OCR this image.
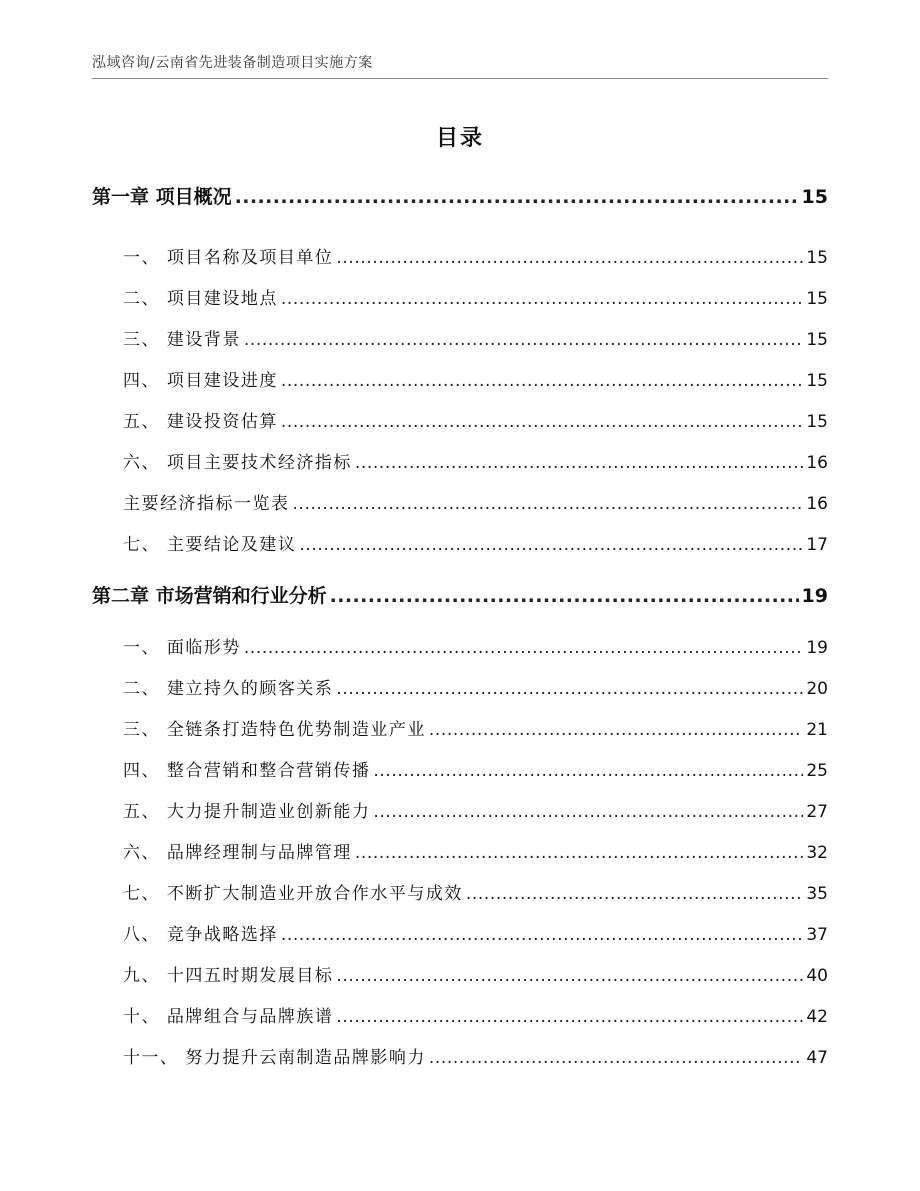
泓域咨询/云南省先进装备制造项目实施方案
目录
第一章 项目概况 .....	15
一、 项目名称及项目单位 .....	15
二、 项目建设地点 .....	15
三、 建设背景 .....	15
四、 项目建设进度 .....	15
五、 建设投资估算 .....	15
六、 项目主要技术经济指标 .....	16
主要经济指标一览表 .....	16
七、 主要结论及建议 .....	17
第二章 市场营销和行业分析 .....	19
一、 面临形势 .....	19
二、 建立持久的顾客关系 .....	20
三、 全链条打造特色优势制造业产业 .....	21
四、 整合营销和整合营销传播 .....	25
五、 大力提升制造业创新能力 .....	27
六、 品牌经理制与品牌管理 .....	32
七、 不断扩大制造业开放合作水平与成效 .....	35
八、 竞争战略选择 .....	37
九、 十四五时期发展目标 .....	40
十、 品牌组合与品牌族谱 .....	42
十一、 努力提升云南制造品牌影响力 .....	47
